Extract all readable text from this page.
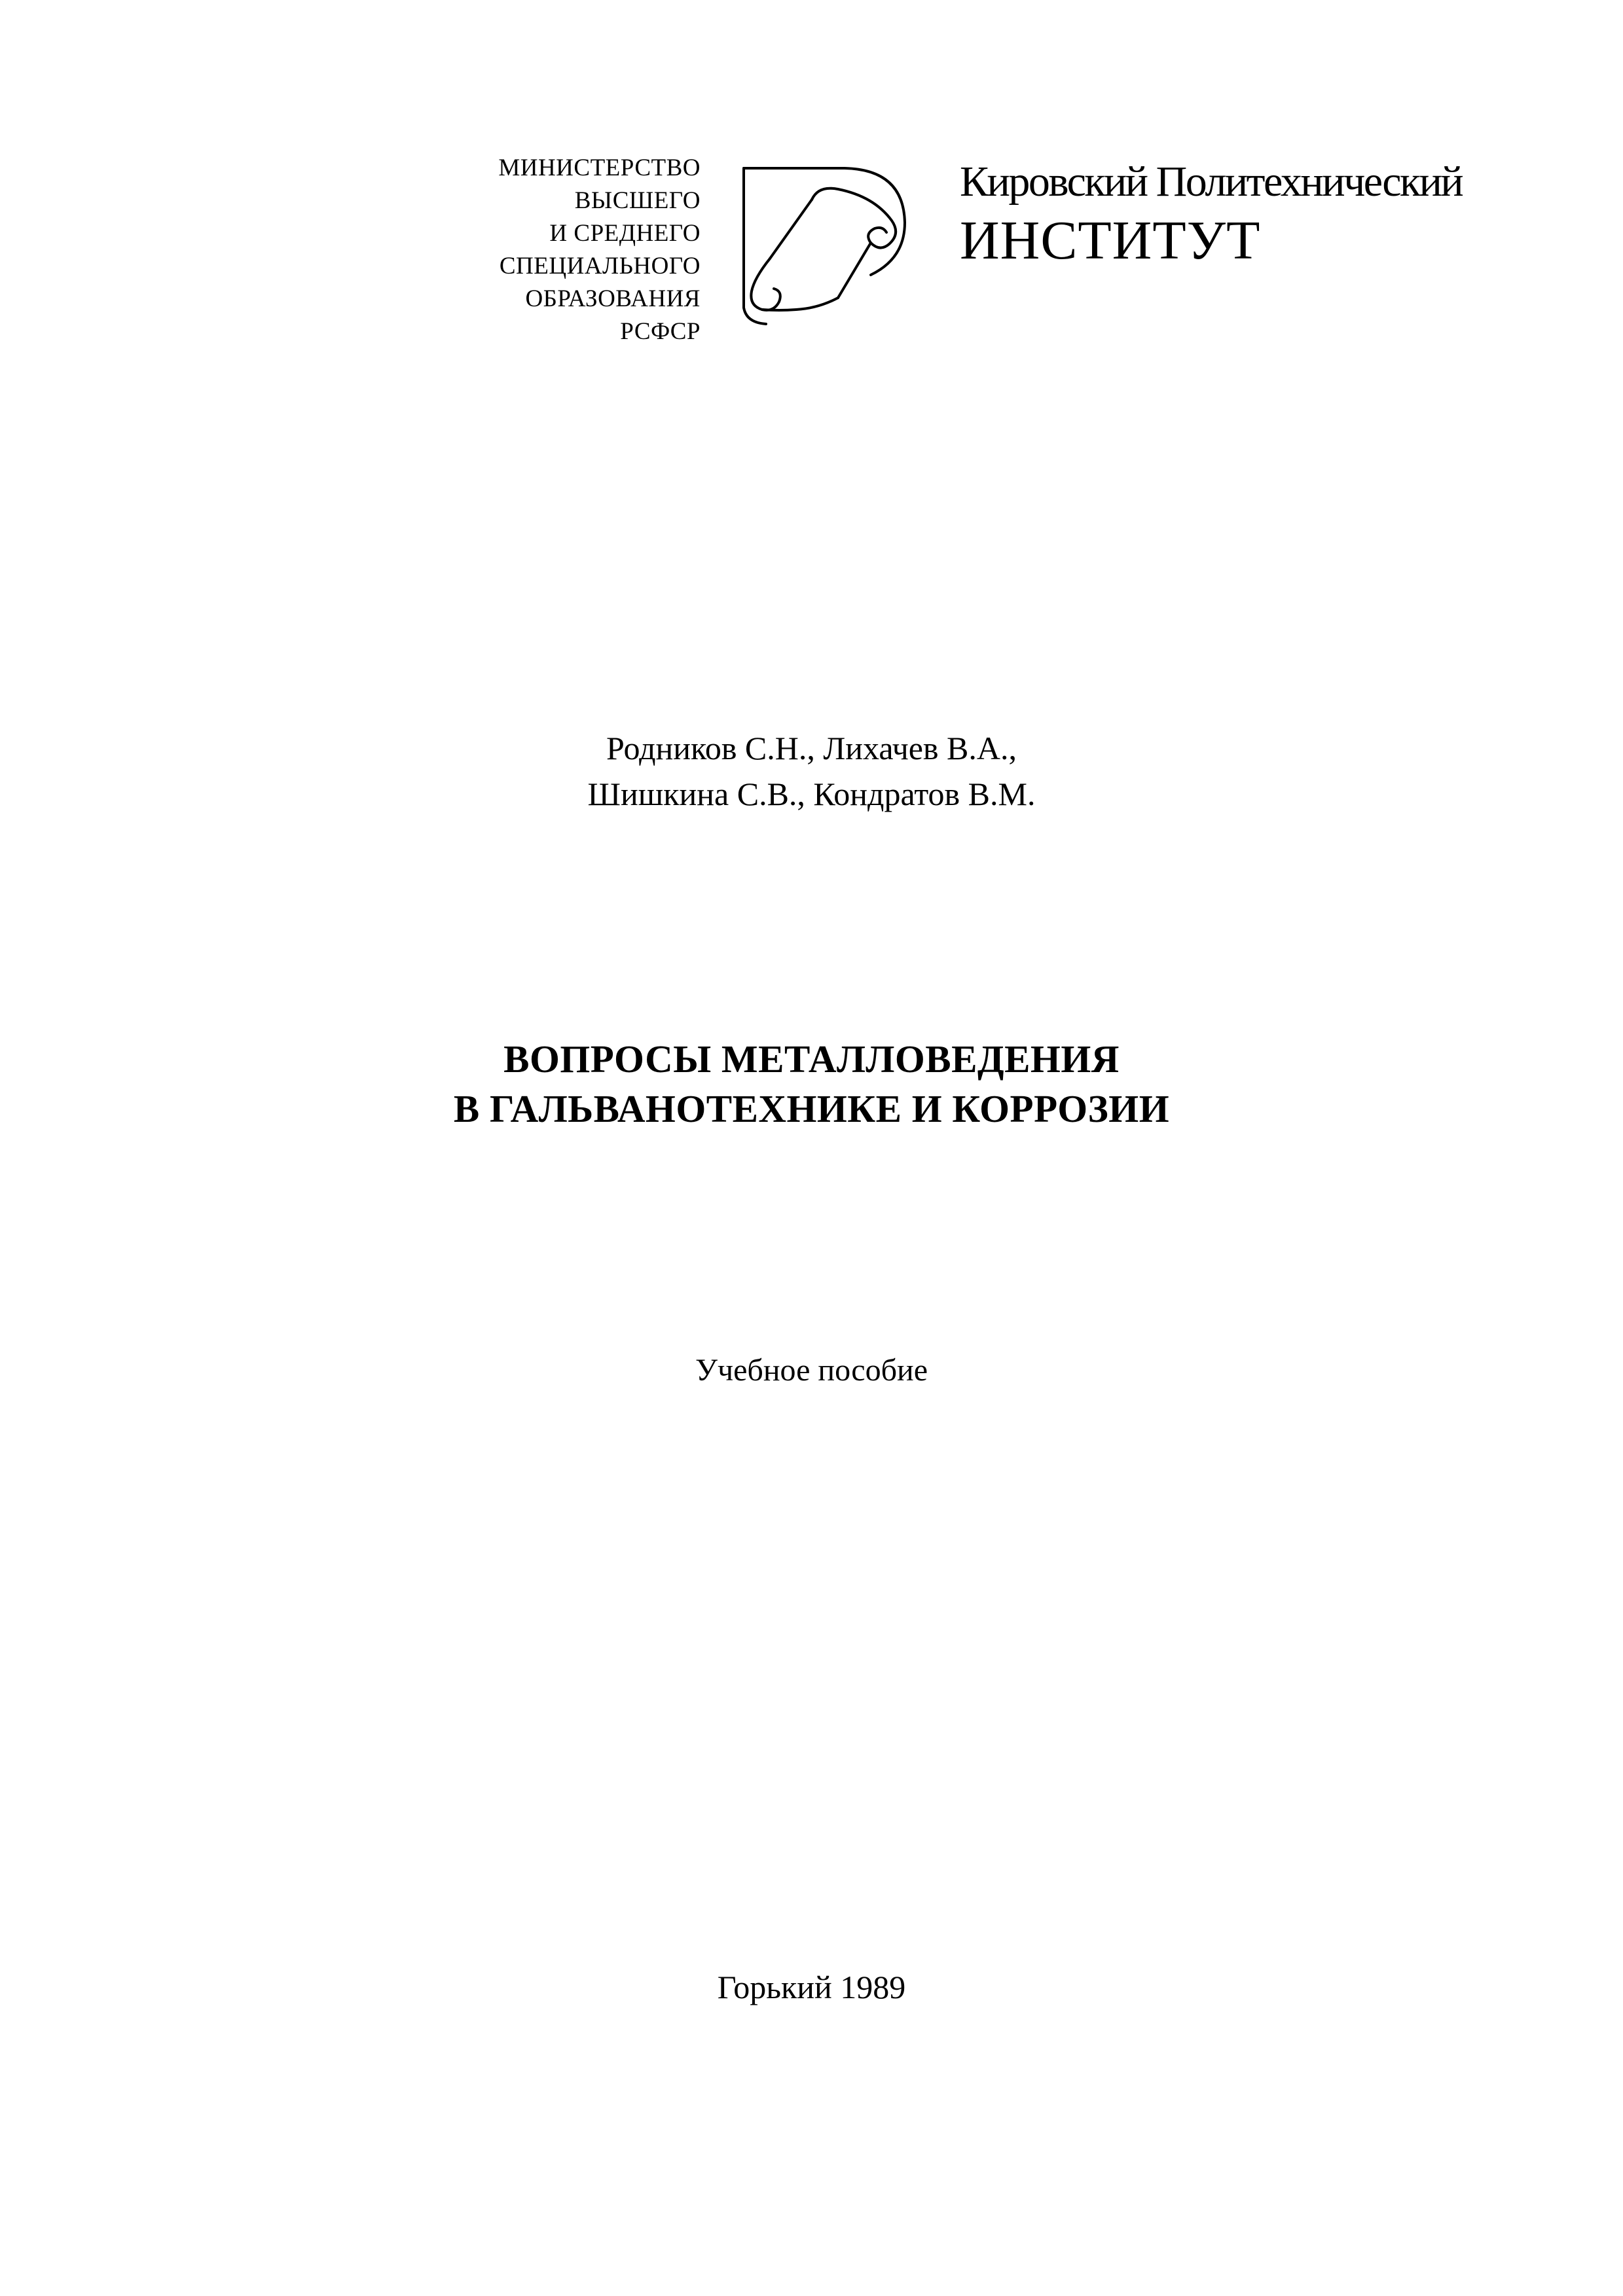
МИНИСТЕРСТВО
ВЫСШЕГО
И СРЕДНЕГО
СПЕЦИАЛЬНОГО
ОБРАЗОВАНИЯ
РСФСР
Кировский Политехнический
ИНСТИТУТ
Родников С.Н., Лихачев В.А.,
Шишкина С.В., Кондратов В.М.
ВОПРОСЫ МЕТАЛЛОВЕДЕНИЯ
В ГАЛЬВАНОТЕХНИКЕ И КОРРОЗИИ
Учебное пособие
Горький 1989
